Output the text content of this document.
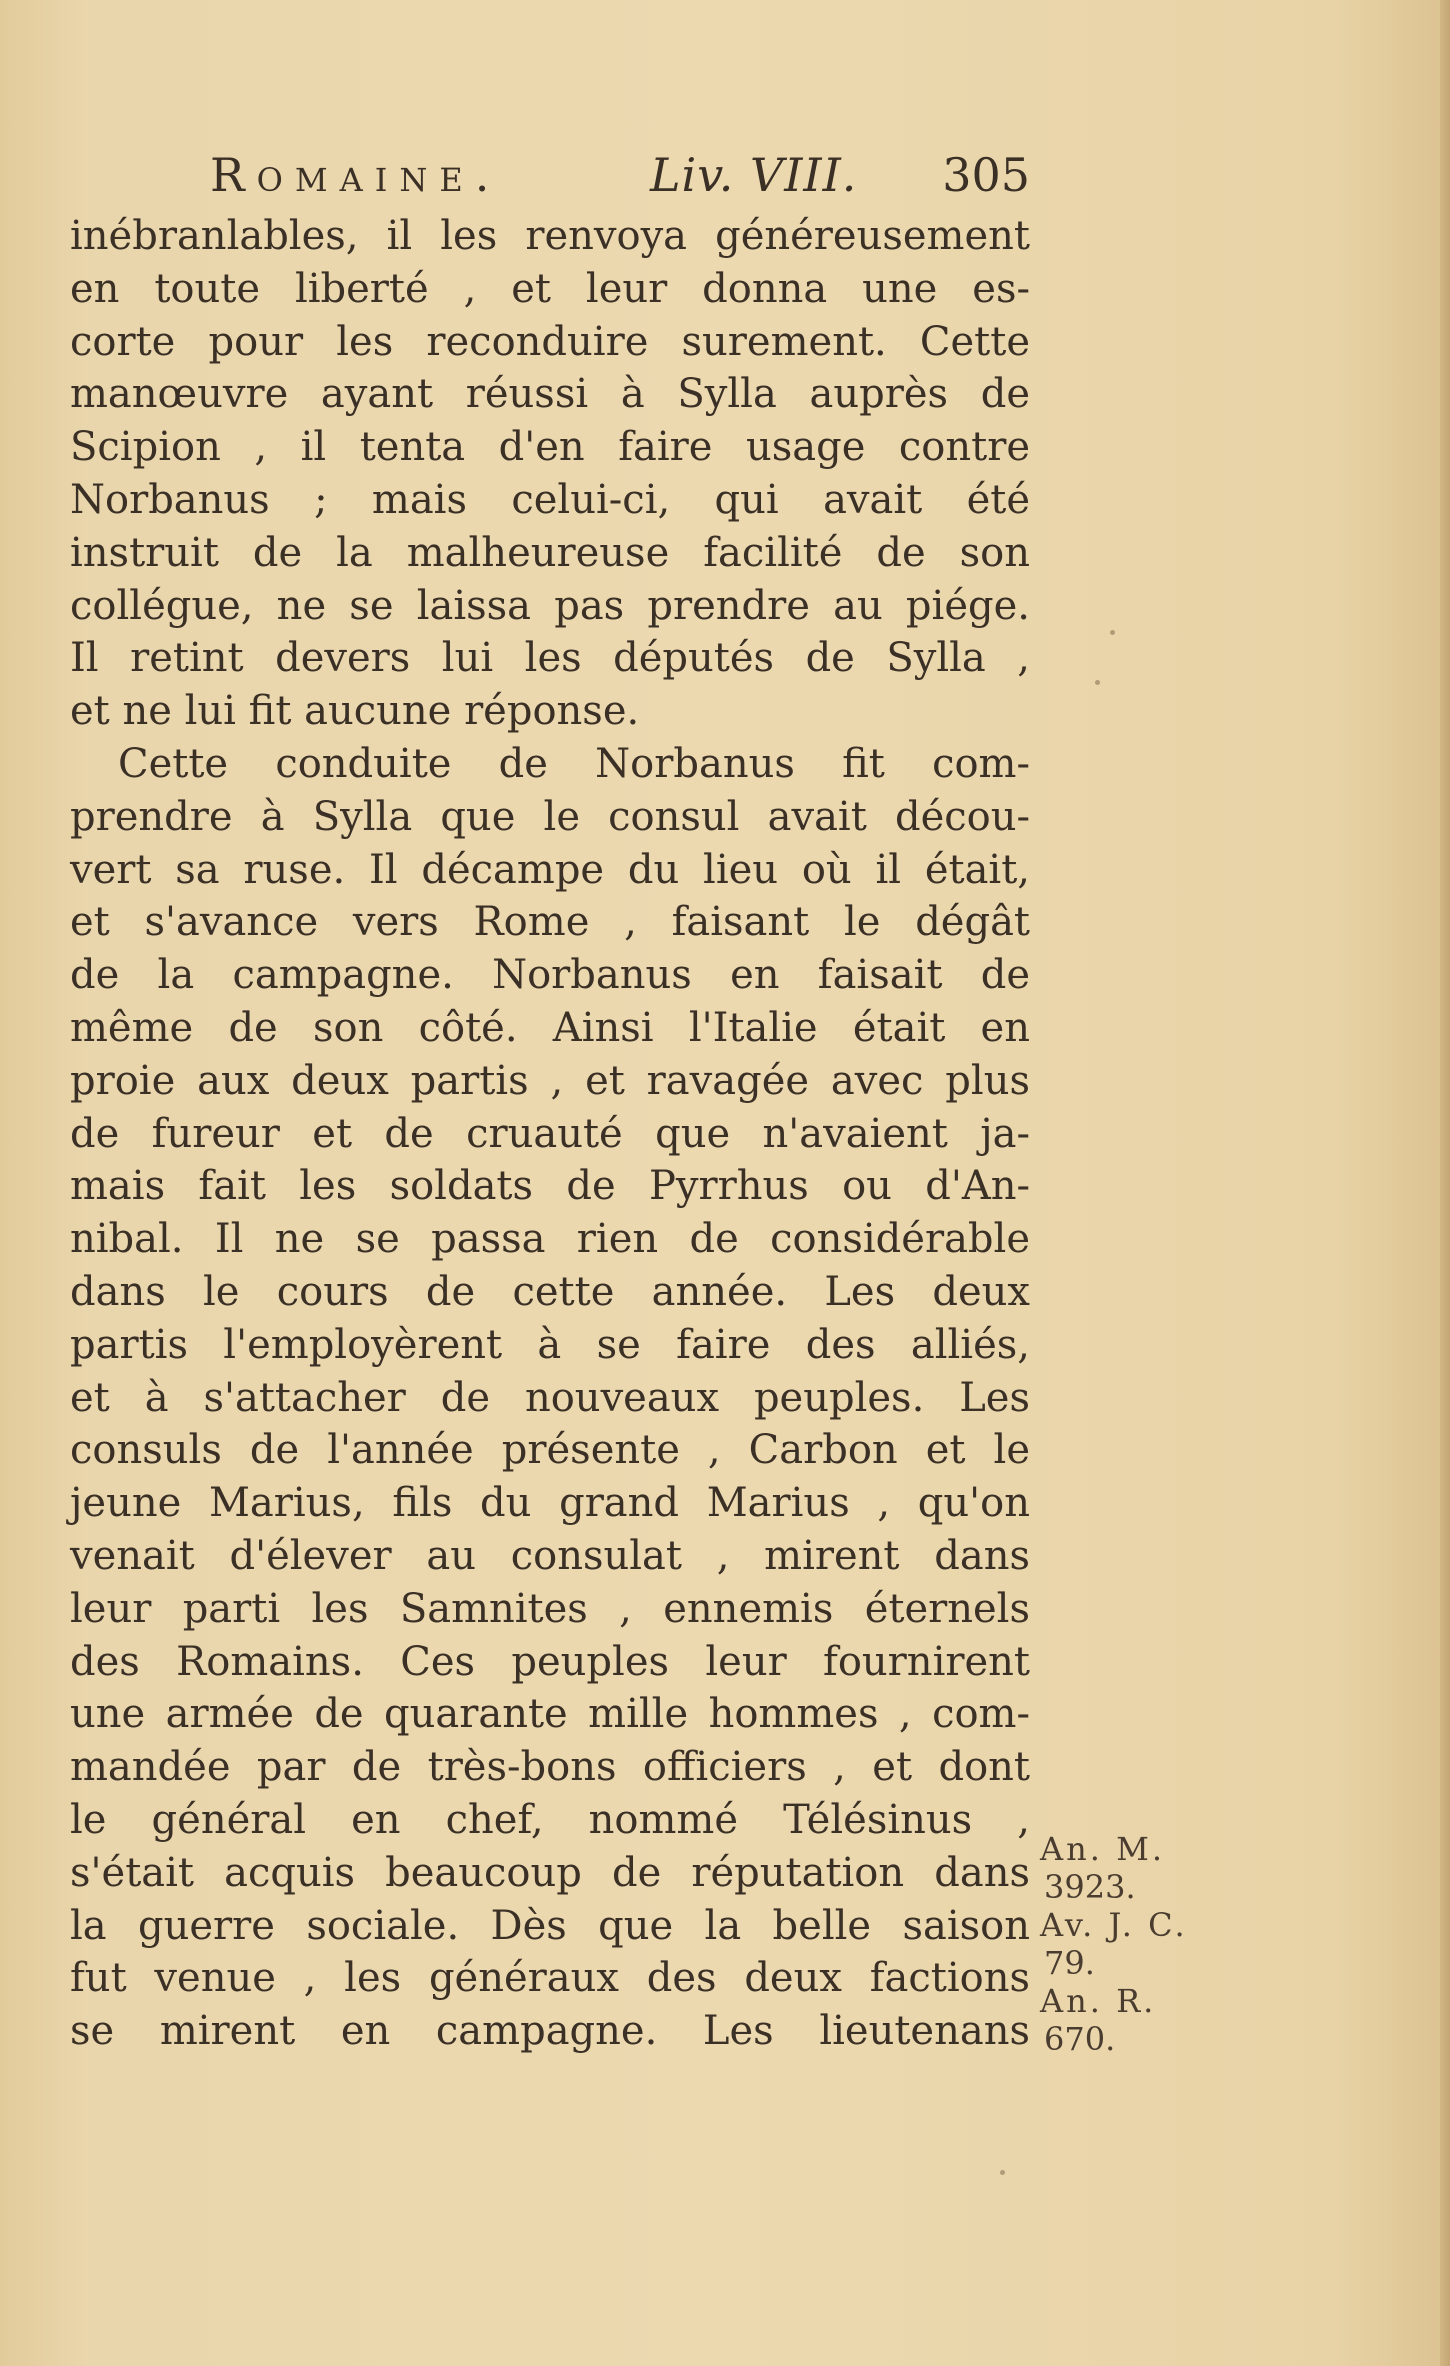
Romaine.	Liv. VIII. 305
inébranlables, il les renvoya généreusement
en toute liberté , et leur donna une es-
corte pour les reconduire surement. Cette
manœuvre ayant réussi à Sylla auprès de
Scipion , il tenta d'en faire usage contre
Norbanus ; mais celui-ci, qui avait été
instruit de la malheureuse facilité de son
collégue, ne se laissa pas prendre au piége.
Il retint devers lui les députés de Sylla ,
et ne lui fit aucune réponse.
Cette conduite de Norbanus fit com-
prendre à Sylla que le consul avait décou-
vert sa ruse. Il décampe du lieu où il était,
et s'avance vers Rome , faisant le dégât
de la campagne. Norbanus en faisait de
même de son côté. Ainsi l'Italie était en
proie aux deux partis , et ravagée avec plus
de fureur et de cruauté que n'avaient ja-
mais fait les soldats de Pyrrhus ou d'An-
nibal. Il ne se passa rien de considérable
dans le cours de cette année. Les deux
partis l'employèrent à se faire des alliés,
et à s'attacher de nouveaux peuples. Les
consuls de l'année présente , Carbon et le
jeune Marius, fils du grand Marius , qu'on
venait d'élever au consulat , mirent dans
leur parti les Samnites , ennemis éternels
des Romains. Ces peuples leur fournirent
une armée de quarante mille hommes , com-
mandée par de très-bons officiers , et dont
le général en chef, nommé Télésinus ,
s'était acquis beaucoup de réputation dans
la guerre sociale. Dès que la belle saison
fut venue , les généraux des deux factions
se mirent en campagne. Les lieutenans
An. M.
3923.
Av. J. C.
79.
An. R.
670.
